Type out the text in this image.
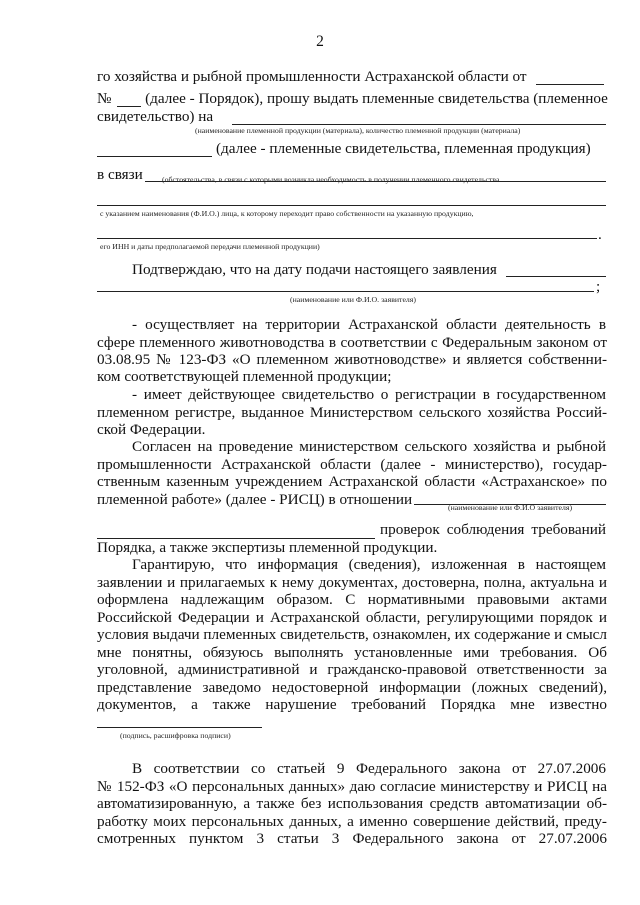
2
го хозяйства и рыбной промышленности Астраханской области от
№ (далее - Порядок), прошу выдать племенные свидетельства (племенное
свидетельство) на
(наименование племенной продукции (материала), количество племенной продукции (материала)
(далее - племенные свидетельства, племенная продукция)
в связи	(обстоятельства, в связи с которыми возникла необходимость в получении племенного свидетельства
с указанием наименования (Ф.И.О.) лица, к которому переходит право собственности на указанную продукцию,
.
его ИНН и даты предполагаемой передачи племенной продукции)
Подтверждаю, что на дату подачи настоящего заявления
;
(наименование или Ф.И.О. заявителя)
- осуществляет на территории Астраханской области деятельность в
сфере племенного животноводства в соответствии с Федеральным законом от
03.08.95 № 123-ФЗ «О племенном животноводстве» и является собственни-
ком соответствующей племенной продукции;
- имеет действующее свидетельство о регистрации в государственном
племенном регистре, выданное Министерством сельского хозяйства Россий-
ской Федерации.
Согласен на проведение министерством сельского хозяйства и рыбной
промышленности Астраханской области (далее - министерство), государ-
ственным казенным учреждением Астраханской области «Астраханское» по
племенной работе» (далее - РИСЦ) в отношении	(наименование или Ф.И.О заявителя)
проверок соблюдения требований
Порядка, а также экспертизы племенной продукции.
Гарантирую, что информация (сведения), изложенная в настоящем
заявлении и прилагаемых к нему документах, достоверна, полна, актуальна и
оформлена надлежащим образом. С нормативными правовыми актами
Российской Федерации и Астраханской области, регулирующими порядок и
условия выдачи племенных свидетельств, ознакомлен, их содержание и смысл
мне понятны, обязуюсь выполнять установленные ими требования. Об
уголовной, административной и гражданско-правовой ответственности за
представление заведомо недостоверной информации (ложных сведений),
документов, а также нарушение требований Порядка мне известно
(подпись, расшифровка подписи)
В соответствии со статьей 9 Федерального закона от 27.07.2006
№ 152-ФЗ «О персональных данных» даю согласие министерству и РИСЦ на
автоматизированную, а также без использования средств автоматизации об-
работку моих персональных данных, а именно совершение действий, преду-
смотренных пунктом 3 статьи 3 Федерального закона от 27.07.2006
